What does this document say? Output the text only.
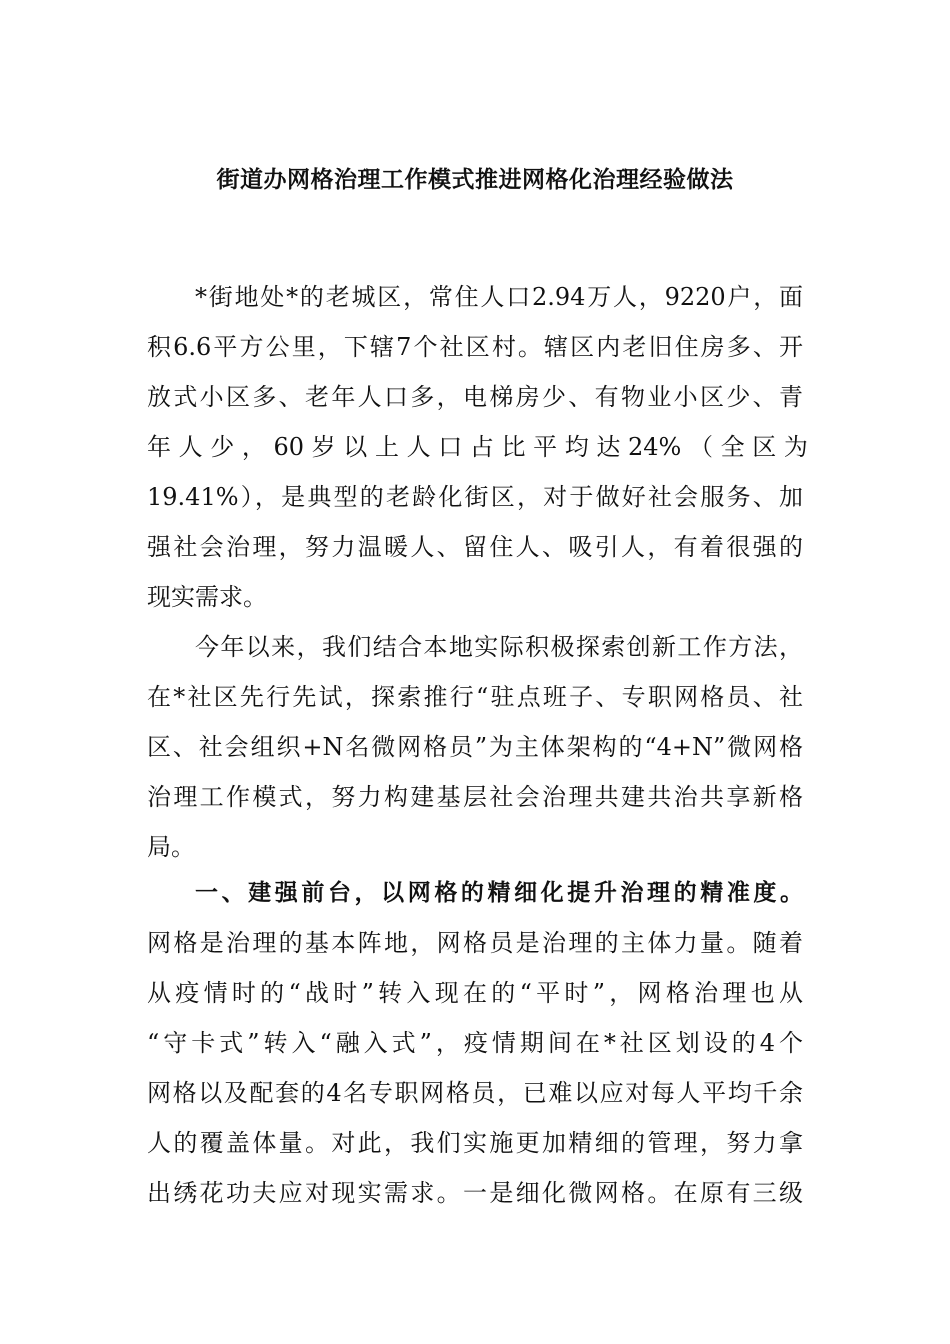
街道办网格治理工作模式推进网格化治理经验做法
*街地处*的老城区，常住人口2.94万人，9220户，面
积6.6平方公里，下辖7个社区村。辖区内老旧住房多、开
放式小区多、老年人口多，电梯房少、有物业小区少、青
年 人 少 ， 60 岁 以 上 人 口 占 比 平 均 达 24% （ 全 区 为
19.41%），是典型的老龄化街区，对于做好社会服务、加
强社会治理，努力温暖人、留住人、吸引人，有着很强的
现实需求。
今年以来，我们结合本地实际积极探索创新工作方法，
在*社区先行先试，探索推行“驻点班子、专职网格员、社
区、社会组织+N名微网格员”为主体架构的“4+N”微网格
治理工作模式，努力构建基层社会治理共建共治共享新格
局。
一、建强前台，以网格的精细化提升治理的精准度。
网格是治理的基本阵地，网格员是治理的主体力量。随着
从疫情时的“战时”转入现在的“平时”，网格治理也从
“守卡式”转入“融入式”，疫情期间在*社区划设的4个
网格以及配套的4名专职网格员，已难以应对每人平均千余
人的覆盖体量。对此，我们实施更加精细的管理，努力拿
出绣花功夫应对现实需求。一是细化微网格。在原有三级
